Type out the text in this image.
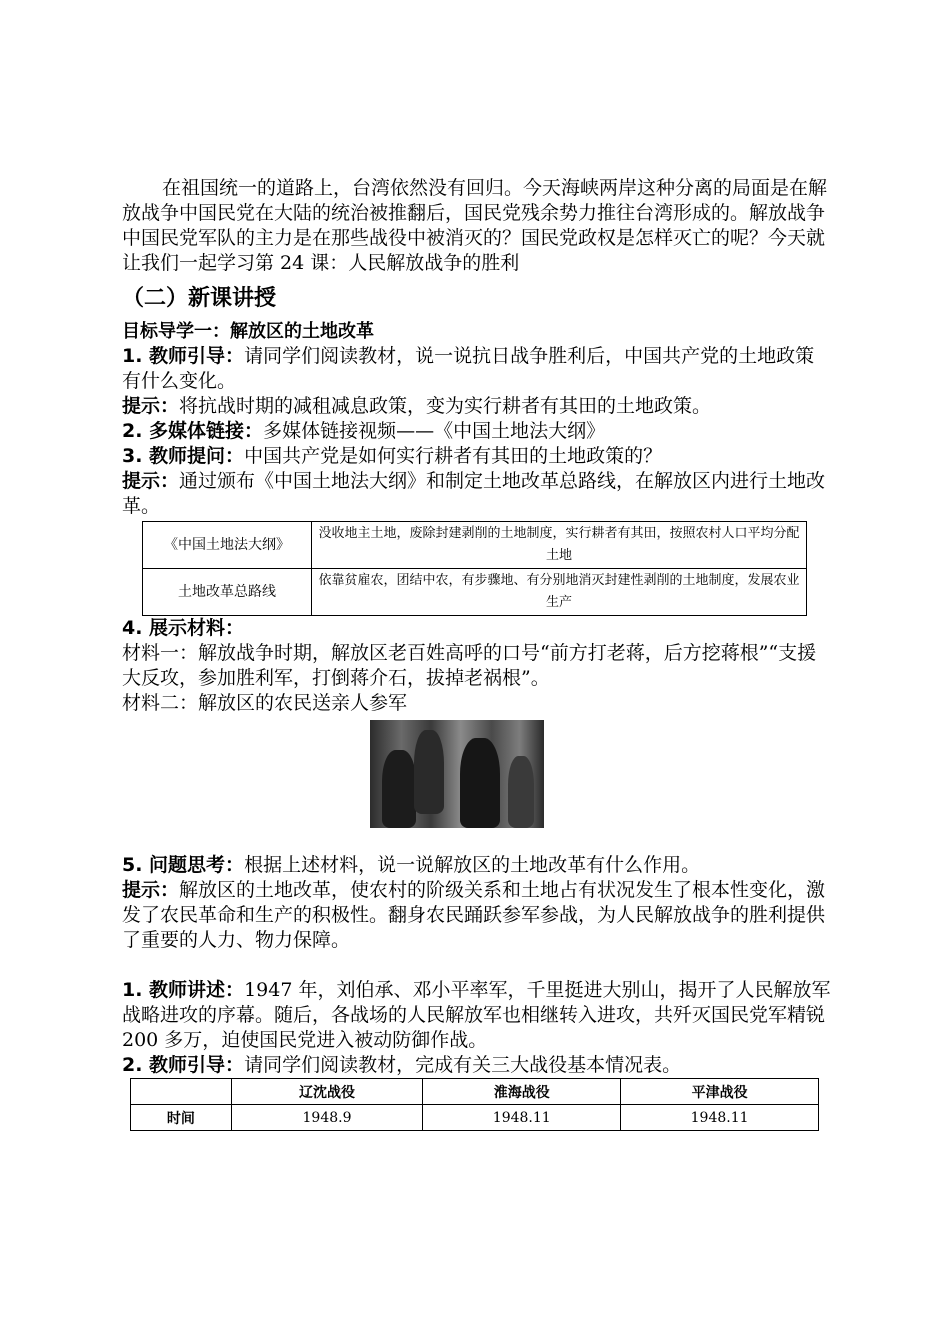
在祖国统一的道路上，台湾依然没有回归。今天海峡两岸这种分离的局面是在解放战争中国民党在大陆的统治被推翻后，国民党残余势力推往台湾形成的。解放战争中国民党军队的主力是在那些战役中被消灭的？国民党政权是怎样灭亡的呢？今天就让我们一起学习第 24 课：人民解放战争的胜利

（二）新课讲授

目标导学一：解放区的土地改革

1. 教师引导：请同学们阅读教材，说一说抗日战争胜利后，中国共产党的土地政策有什么变化。

提示：将抗战时期的减租减息政策，变为实行耕者有其田的土地政策。

2. 多媒体链接：多媒体链接视频——《中国土地法大纲》

3. 教师提问：中国共产党是如何实行耕者有其田的土地政策的？

提示：通过颁布《中国土地法大纲》和制定土地改革总路线，在解放区内进行土地改革。

《中国土地法大纲》	没收地主土地，废除封建剥削的土地制度，实行耕者有其田，按照农村人口平均分配土地
土地改革总路线	依靠贫雇农，团结中农，有步骤地、有分别地消灭封建性剥削的土地制度，发展农业生产

4. 展示材料：

材料一：解放战争时期，解放区老百姓高呼的口号“前方打老蒋，后方挖蒋根”“支援大反攻，参加胜利军，打倒蒋介石，拔掉老祸根”。

材料二：解放区的农民送亲人参军

5. 问题思考：根据上述材料，说一说解放区的土地改革有什么作用。

提示：解放区的土地改革，使农村的阶级关系和土地占有状况发生了根本性变化，激发了农民革命和生产的积极性。翻身农民踊跃参军参战，为人民解放战争的胜利提供了重要的人力、物力保障。

1. 教师讲述：1947 年，刘伯承、邓小平率军，千里挺进大别山，揭开了人民解放军战略进攻的序幕。随后，各战场的人民解放军也相继转入进攻，共歼灭国民党军精锐 200 多万，迫使国民党进入被动防御作战。

2. 教师引导：请同学们阅读教材，完成有关三大战役基本情况表。

	辽沈战役	淮海战役	平津战役
时间	1948.9	1948.11	1948.11
